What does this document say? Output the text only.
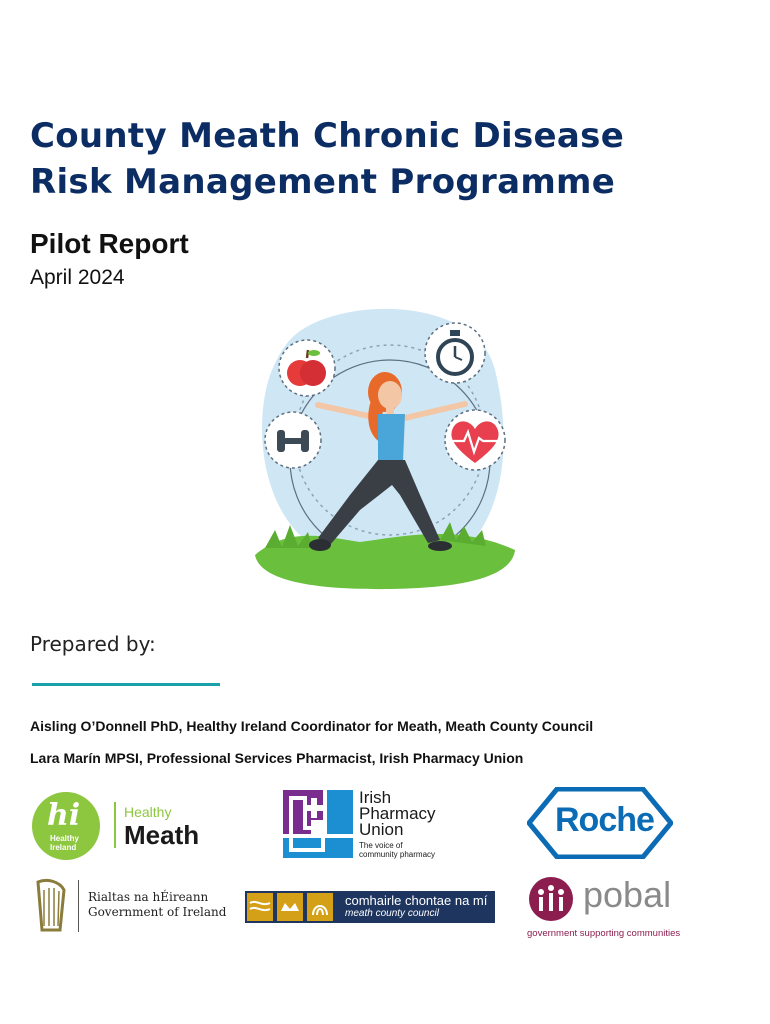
County Meath Chronic Disease
Risk Management Programme
Pilot Report
April 2024
Prepared by:
Aisling O’Donnell PhD, Healthy Ireland Coordinator for Meath, Meath County Council
Lara Marín MPSI, Professional Services Pharmacist, Irish Pharmacy Union
hi
Healthy
Ireland
Healthy
Meath
Irish
Pharmacy
Union
The voice of
community pharmacy
Roche
Rialtas na hÉireann
Government of Ireland
comhairle chontae na mí
meath county council	pobal
government supporting communities
